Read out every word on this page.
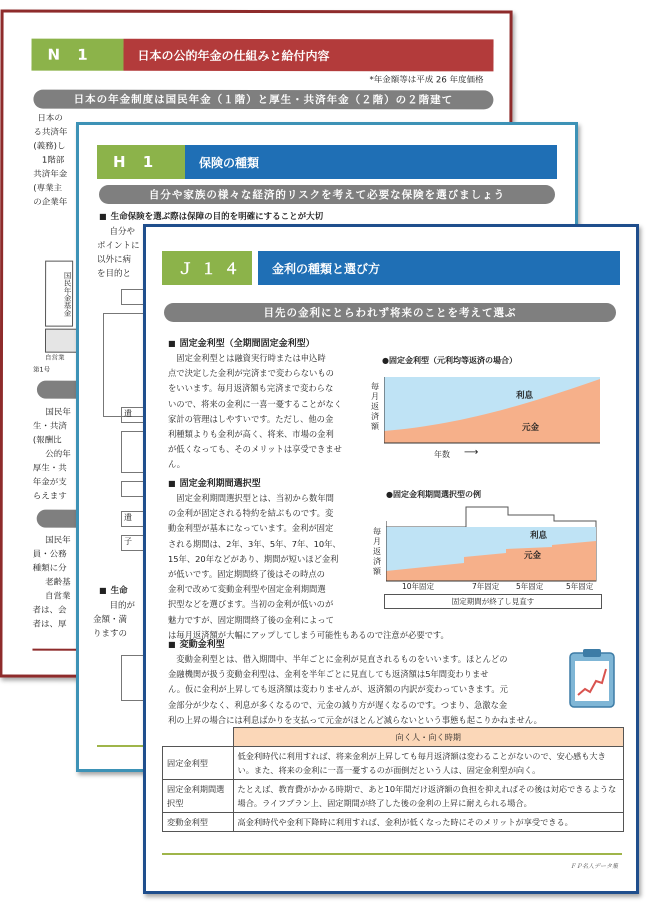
N 1	日本の公的年金の仕組みと給付内容
*年金額等は平成 26 年度価格
日本の年金制度は国民年金（１階）と厚生・共済年金（２階）の２階建て
日本の
る共済年
(義務)し
　1階部
共済年金
(専業主
の企業年
国民年金基金
自営業
第1号
　国民年
生・共済
(報酬比
　公的年
厚生・共
年金が支
らえます
　国民年
員・公務
種類に分
　老齢基
　自営業
者は、会
者は、厚
H 1	保険の種類
自分や家族の様々な経済的リスクを考えて必要な保険を選びましょう
■ 生命保険を選ぶ際は保障の目的を明確にすることが大切
　自分や
ポイントに
以外に病
を目的と
遺
遺
子
■ 生命
　目的が
金額・満
りますの
Ｊ１４	金利の種類と選び方
目先の金利にとらわれず将来のことを考えて選ぶ
■ 固定金利型（全期間固定金利型）
　固定金利型とは融資実行時または申込時
点で決定した金利が完済まで変わらないもの
をいいます。毎月返済額も完済まで変わらな
いので、将来の金利に一喜一憂することがなく
家計の管理はしやすいです。ただし、他の金
利種類よりも金利が高く、将来、市場の金利
が低くなっても、そのメリットは享受できませ
ん。
●固定金利型（元利均等返済の場合）
毎月返済額
利息
元金
年数 ⟶
■ 固定金利期間選択型
　固定金利期間選択型とは、当初から数年間
の金利が固定される特約を結ぶものです。変
動金利型が基本になっています。金利が固定
される期間は、2年、3年、5年、7年、10年、
15年、20年などがあり、期間が短いほど金利
が低いです。固定期間終了後はその時点の
金利で改めて変動金利型や固定金利期間選
択型などを選びます。当初の金利が低いのが
魅力ですが、固定期間終了後の金利によって
は毎月返済額が大幅にアップしてしまう可能性もあるので注意が必要です。
●固定金利期間選択型の例
毎月返済額
利息
元金
10年固定	7年固定 5年固定	5年固定
固定期間が終了し見直す
■ 変動金利型
　変動金利型とは、借入期間中、半年ごとに金利が見直されるものをいいます。ほとんどの
金融機関が扱う変動金利型は、金利を半年ごとに見直しても返済額は5年間変わりませ
ん。仮に金利が上昇しても返済額は変わりませんが、返済額の内訳が変わっていきます。元
金部分が少なく、利息が多くなるので、元金の減り方が遅くなるのです。つまり、急激な金
利の上昇の場合には利息ばかりを支払って元金がほとんど減らないという事態も起こりかねません。
	向く人・向く時期
固定金利型	低金利時代に利用すれば、将来金利が上昇しても毎月返済額は変わることがないので、安心感も大きい。また、将来の金利に一喜一憂するのが面倒だという人は、固定金利型が向く。
固定金利期間選択型	たとえば、教育費がかかる時期で、あと10年間だけ返済額の負担を抑えればその後は対応できるような場合。ライフプラン上、固定期間が終了した後の金利の上昇に耐えられる場合。
変動金利型	高金利時代や金利下降時に利用すれば、金利が低くなった時にそのメリットが享受できる。
ＦＰ名人データ集
